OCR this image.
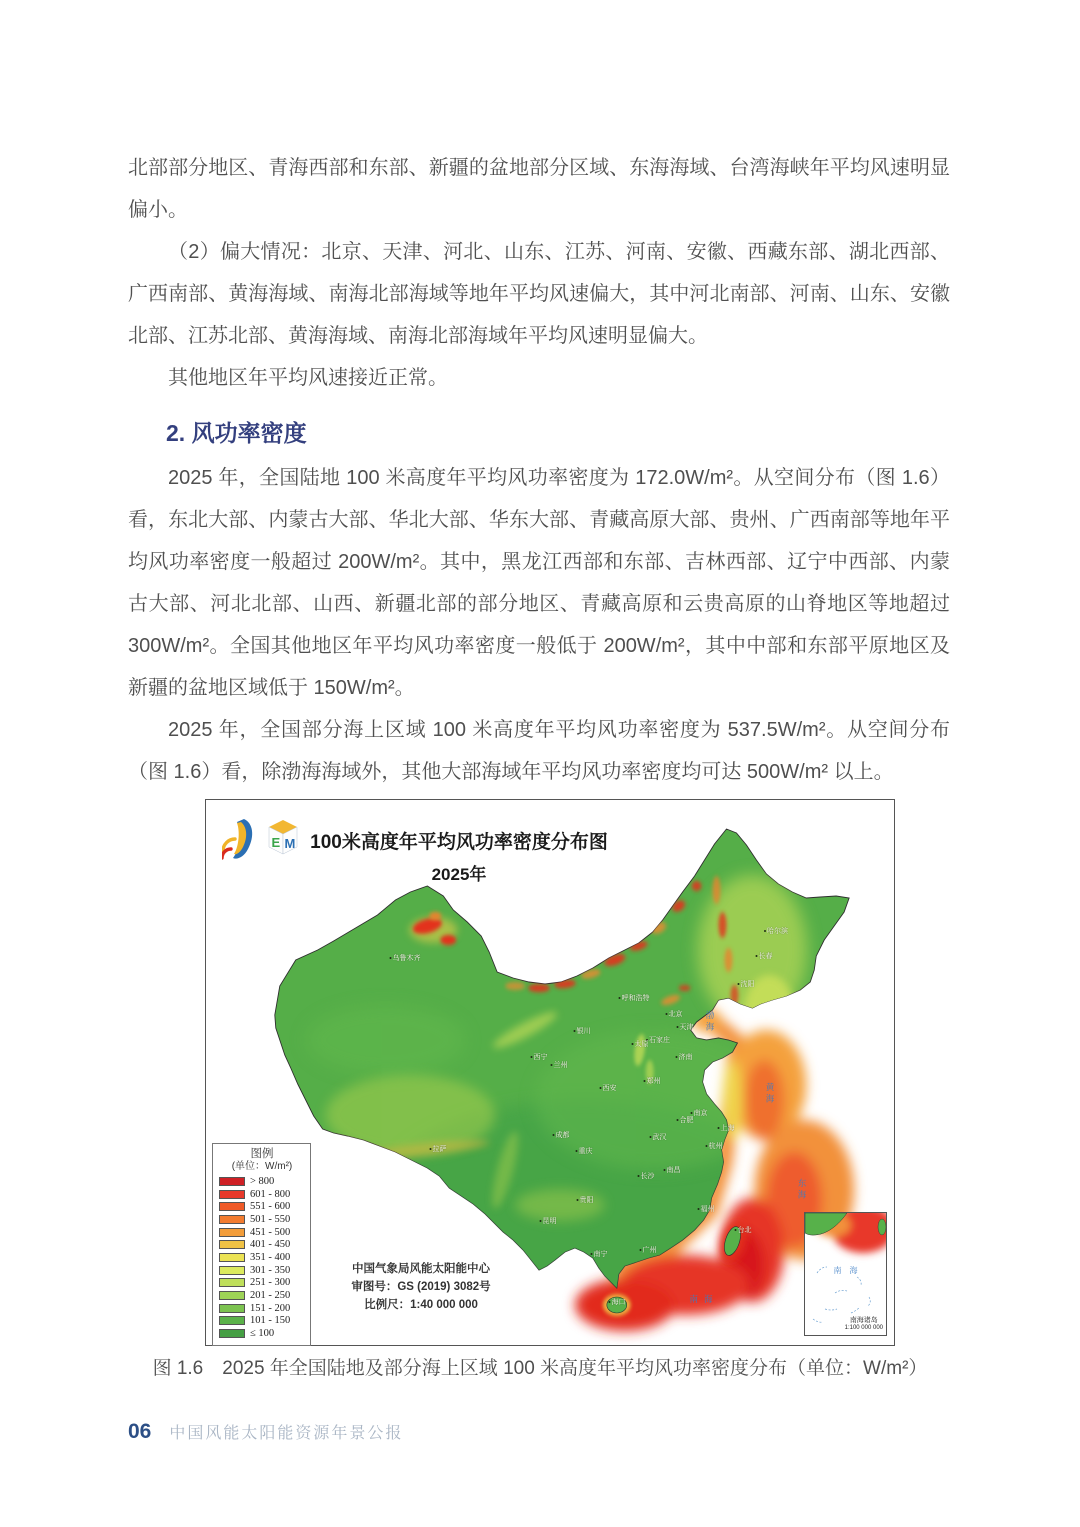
北部部分地区、青海西部和东部、新疆的盆地部分区域、东海海域、台湾海峡年平均风速明显偏小。

（2）偏大情况：北京、天津、河北、山东、江苏、河南、安徽、西藏东部、湖北西部、广西南部、黄海海域、南海北部海域等地年平均风速偏大，其中河北南部、河南、山东、安徽北部、江苏北部、黄海海域、南海北部海域年平均风速明显偏大。

其他地区年平均风速接近正常。

2. 风功率密度

2025 年，全国陆地 100 米高度年平均风功率密度为 172.0W/m²。从空间分布（图 1.6）看，东北大部、内蒙古大部、华北大部、华东大部、青藏高原大部、贵州、广西南部等地年平均风功率密度一般超过 200W/m²。其中，黑龙江西部和东部、吉林西部、辽宁中西部、内蒙古大部、河北北部、山西、新疆北部的部分地区、青藏高原和云贵高原的山脊地区等地超过 300W/m²。全国其他地区年平均风功率密度一般低于 200W/m²，其中中部和东部平原地区及新疆的盆地区域低于 150W/m²。

2025 年，全国部分海上区域 100 米高度年平均风功率密度为 537.5W/m²。从空间分布（图 1.6）看，除渤海海域外，其他大部海域年平均风功率密度均可达 500W/m² 以上。

E M 100米高度年平均风功率密度分布图
2025年
图例
(单位：W/m²)
> 800
601 - 800
551 - 600
501 - 550
451 - 500
401 - 450
351 - 400
301 - 350
251 - 300
201 - 250
151 - 200
101 - 150
≤ 100
中国气象局风能太阳能中心
审图号：GS (2019) 3082号
比例尺：1:40 000 000
乌鲁木齐
哈尔滨
长春
沈阳
呼和浩特
北京
天津
石家庄
太原
济南
银川
西宁
兰州
西安
郑州
南京
合肥
上海
杭州
武汉
成都
重庆
长沙
南昌
福州
台北
贵阳
昆明
拉萨
广州
南宁
海口
渤海
黄海
东海
南海
南海
南海诸岛
1:100 000 000
图 1.6　2025 年全国陆地及部分海上区域 100 米高度年平均风功率密度分布（单位：W/m²）
06 中国风能太阳能资源年景公报
